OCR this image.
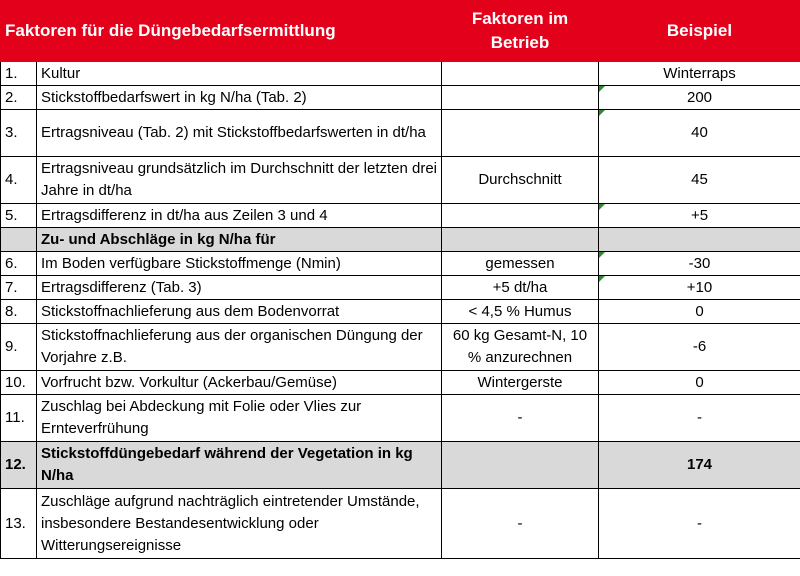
Faktoren für die Düngebedarfsermittlung		Faktoren im Betrieb	Beispiel
1.	Kultur		Winterraps
2.	Stickstoffbedarfswert in kg N/ha (Tab. 2)		200
3.	Ertragsniveau (Tab. 2) mit Stickstoffbedarfswerten in dt/ha		40
4.	Ertragsniveau grundsätzlich im Durchschnitt der letzten drei Jahre in dt/ha	Durchschnitt	45
5.	Ertragsdifferenz in dt/ha aus Zeilen 3 und 4		+5
	Zu- und Abschläge in kg N/ha für		
6.	Im Boden verfügbare Stickstoffmenge (Nmin)	gemessen	-30
7.	Ertragsdifferenz (Tab. 3)	+5 dt/ha	+10
8.	Stickstoffnachlieferung aus dem Bodenvorrat	< 4,5 % Humus	0
9.	Stickstoffnachlieferung aus der organischen Düngung der Vorjahre z.B.	60 kg Gesamt-N, 10 % anzurechnen	-6
10.	Vorfrucht bzw. Vorkultur (Ackerbau/Gemüse)	Wintergerste	0
11.	Zuschlag bei Abdeckung mit Folie oder Vlies zur Ernteverfrühung	-	-
12.	Stickstoffdüngebedarf während der Vegetation in kg N/ha		174
13.	Zuschläge aufgrund nachträglich eintretender Umstände, insbesondere Bestandesentwicklung oder Witterungsereignisse	-	-
